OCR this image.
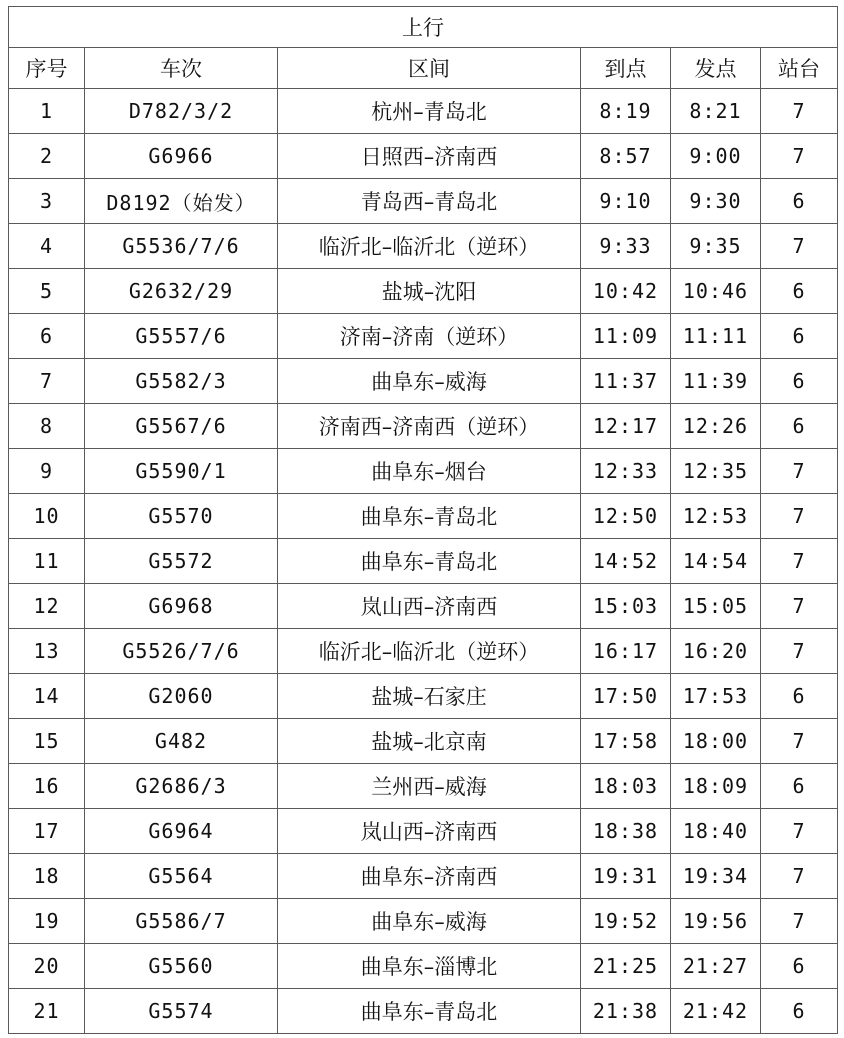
上行					
序号	车次	区间	到点	发点	站台
1	D782/3/2	杭州–青岛北	8:19	8:21	7
2	G6966	日照西–济南西	8:57	9:00	7
3	D8192（始发）	青岛西–青岛北	9:10	9:30	6
4	G5536/7/6	临沂北–临沂北（逆环）	9:33	9:35	7
5	G2632/29	盐城–沈阳	10:42	10:46	6
6	G5557/6	济南–济南（逆环）	11:09	11:11	6
7	G5582/3	曲阜东–威海	11:37	11:39	6
8	G5567/6	济南西–济南西（逆环）	12:17	12:26	6
9	G5590/1	曲阜东–烟台	12:33	12:35	7
10	G5570	曲阜东–青岛北	12:50	12:53	7
11	G5572	曲阜东–青岛北	14:52	14:54	7
12	G6968	岚山西–济南西	15:03	15:05	7
13	G5526/7/6	临沂北–临沂北（逆环）	16:17	16:20	7
14	G2060	盐城–石家庄	17:50	17:53	6
15	G482	盐城–北京南	17:58	18:00	7
16	G2686/3	兰州西–威海	18:03	18:09	6
17	G6964	岚山西–济南西	18:38	18:40	7
18	G5564	曲阜东–济南西	19:31	19:34	7
19	G5586/7	曲阜东–威海	19:52	19:56	7
20	G5560	曲阜东–淄博北	21:25	21:27	6
21	G5574	曲阜东–青岛北	21:38	21:42	6
